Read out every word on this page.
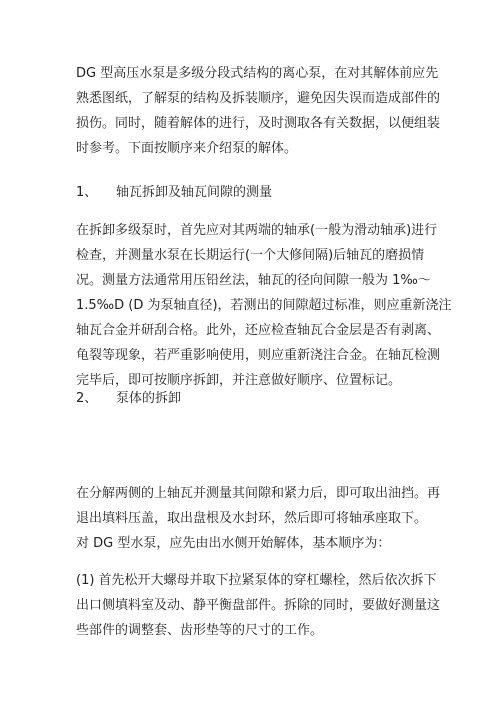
DG 型高压水泵是多级分段式结构的离心泵，在对其解体前应先
熟悉图纸，了解泵的结构及拆装顺序，避免因失误而造成部件的
损伤。同时，随着解体的进行，及时测取各有关数据，以便组装
时参考。下面按顺序来介绍泵的解体。
1、 轴瓦拆卸及轴瓦间隙的测量
在拆卸多级泵时，首先应对其两端的轴承(一般为滑动轴承)进行
检查，并测量水泵在长期运行(一个大修间隔)后轴瓦的磨损情
况。测量方法通常用压铅丝法，轴瓦的径向间隙一般为 1‰～
1.5‰D (D 为泵轴直径)，若测出的间隙超过标准，则应重新浇注
轴瓦合金并研刮合格。此外，还应检查轴瓦合金层是否有剥离、
龟裂等现象，若严重影响使用，则应重新浇注合金。在轴瓦检测
完毕后，即可按顺序拆卸，并注意做好顺序、位置标记。
2、 泵体的拆卸
在分解两侧的上轴瓦并测量其间隙和紧力后，即可取出油挡。再
退出填料压盖，取出盘根及水封环，然后即可将轴承座取下。
对 DG 型水泵，应先由出水侧开始解体，基本顺序为：
(1) 首先松开大螺母并取下拉紧泵体的穿杠螺栓，然后依次拆下
出口侧填料室及动、静平衡盘部件。拆除的同时，要做好测量这
些部件的调整套、齿形垫等的尺寸的工作。
